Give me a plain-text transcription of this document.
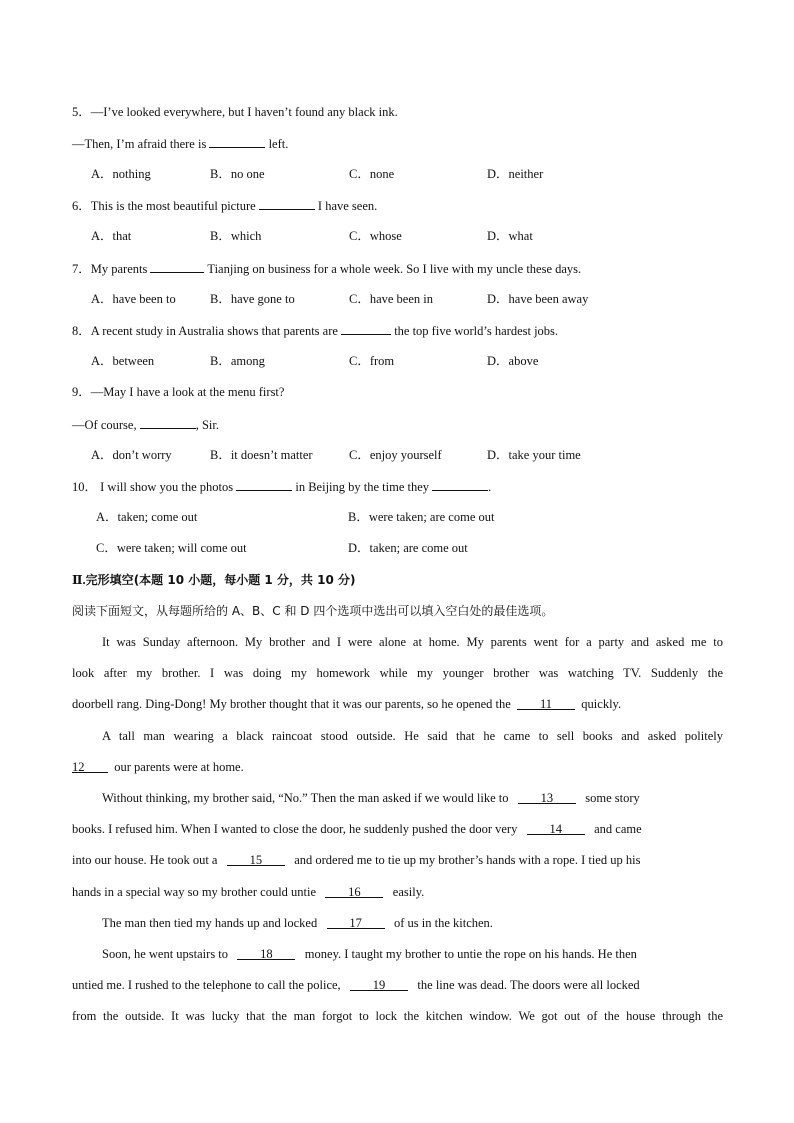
5．—I’ve looked everywhere, but I haven’t found any black ink.
—Then, I’m afraid there is	left.
A．nothing	B．no one	C．none	D．neither
6．This is the most beautiful picture	I have seen.
A．that	B．which	C．whose	D．what
7．My parents	Tianjing on business for a whole week. So I live with my uncle these days.
A．have been to	B．have gone to	C．have been in	D．have been away
8．A recent study in Australia shows that parents are	the top five world’s hardest jobs.
A．between	B．among	C．from	D．above
9．—May I have a look at the menu first?
—Of course,	, Sir.
A．don’t worry	B．it doesn’t matter	C．enjoy yourself	D．take your time
10． I will show you the photos	in Beijing by the time they	.
A．taken; come out	B．were taken; are come out
C．were taken; will come out	D．taken; are come out
Ⅱ.完形填空(本题 10 小题，每小题 1 分，共 10 分)
阅读下面短文，从每题所给的 A、B、C 和 D 四个选项中选出可以填入空白处的最佳选项。
It was Sunday afternoon. My brother and I were alone at home. My parents went for a party and asked me to
look after my brother. I was doing my homework while my younger brother was watching TV. Suddenly the
doorbell rang. Ding-Dong! My brother thought that it was our parents, so he opened the 11 quickly.
A tall man wearing a black raincoat stood outside. He said that he came to sell books and asked politely
12 our parents were at home.
Without thinking, my brother said, “No.” Then the man asked if we would like to	13	some story
books. I refused him. When I wanted to close the door, he suddenly pushed the door very	14	and came
into our house. He took out a	15	and ordered me to tie up my brother’s hands with a rope. I tied up his
hands in a special way so my brother could untie	16	easily.
The man then tied my hands up and locked	17	of us in the kitchen.
Soon, he went upstairs to	18	money. I taught my brother to untie the rope on his hands. He then
untied me. I rushed to the telephone to call the police,	19	the line was dead. The doors were all locked
from the outside. It was lucky that the man forgot to lock the kitchen window. We got out of the house through the
